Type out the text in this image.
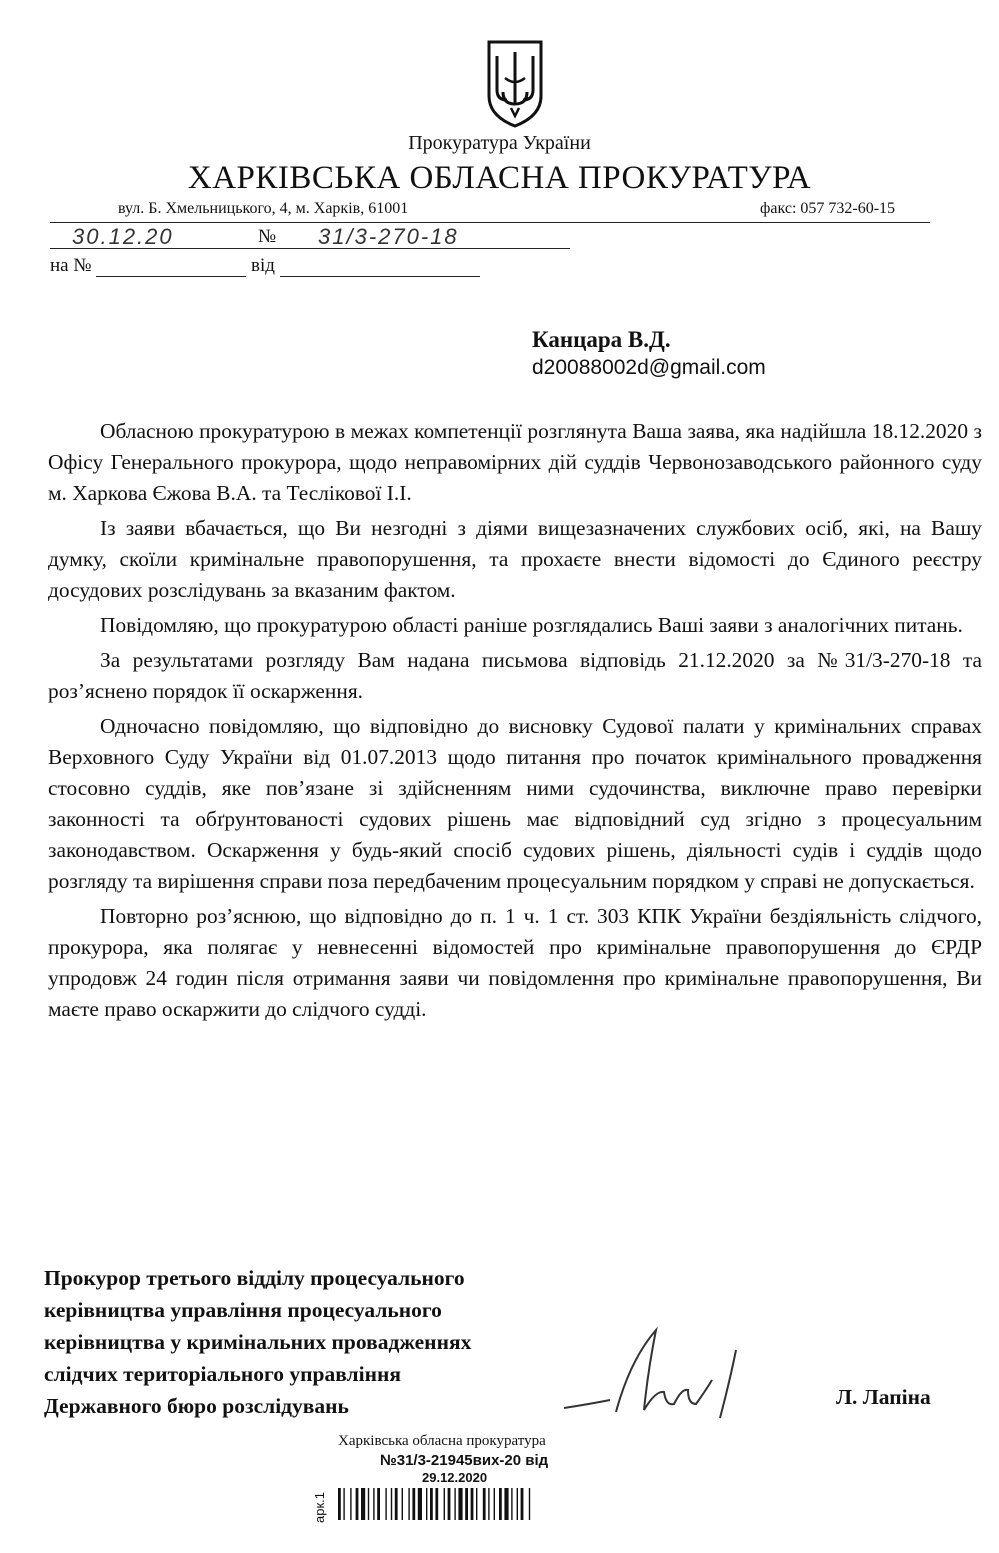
Прокуратура України
ХАРКІВСЬКА ОБЛАСНА ПРОКУРАТУРА
вул. Б. Хмельницького, 4, м. Харків, 61001	факс: 057 732-60-15
30.12.20	№ 31/3-270-18
на №	від
Канцара В.Д.
d20088002d@gmail.com

Обласною прокуратурою в межах компетенції розглянута Ваша заява, яка надійшла 18.12.2020 з Офісу Генерального прокурора, щодо неправомірних дій суддів Червонозаводського районного суду м. Харкова Єжова В.А. та Теслікової І.І.

Із заяви вбачається, що Ви незгодні з діями вищезазначених службових осіб, які, на Вашу думку, скоїли кримінальне правопорушення, та прохаєте внести відомості до Єдиного реєстру досудових розслідувань за вказаним фактом.

Повідомляю, що прокуратурою області раніше розглядались Ваші заяви з аналогічних питань.

За результатами розгляду Вам надана письмова відповідь 21.12.2020 за №31/3-270-18 та роз’яснено порядок її оскарження.

Одночасно повідомляю, що відповідно до висновку Судової палати у кримінальних справах Верховного Суду України від 01.07.2013 щодо питання про початок кримінального провадження стосовно суддів, яке пов’язане зі здійсненням ними судочинства, виключне право перевірки законності та обґрунтованості судових рішень має відповідний суд згідно з процесуальним законодавством. Оскарження у будь-який спосіб судових рішень, діяльності судів і суддів щодо розгляду та вирішення справи поза передбаченим процесуальним порядком у справі не допускається.

Повторно роз’яснюю, що відповідно до п. 1 ч. 1 ст. 303 КПК України бездіяльність слідчого, прокурора, яка полягає у невнесенні відомостей про кримінальне правопорушення до ЄРДР упродовж 24 годин після отримання заяви чи повідомлення про кримінальне правопорушення, Ви маєте право оскаржити до слідчого судді.

Прокурор третього відділу процесуального
керівництва управління процесуального
керівництва у кримінальних провадженнях
слідчих територіального управління
Державного бюро розслідувань	Л. Лапіна
Харківська обласна прокуратура
№31/3-21945вих-20 від
29.12.2020
арк.1
